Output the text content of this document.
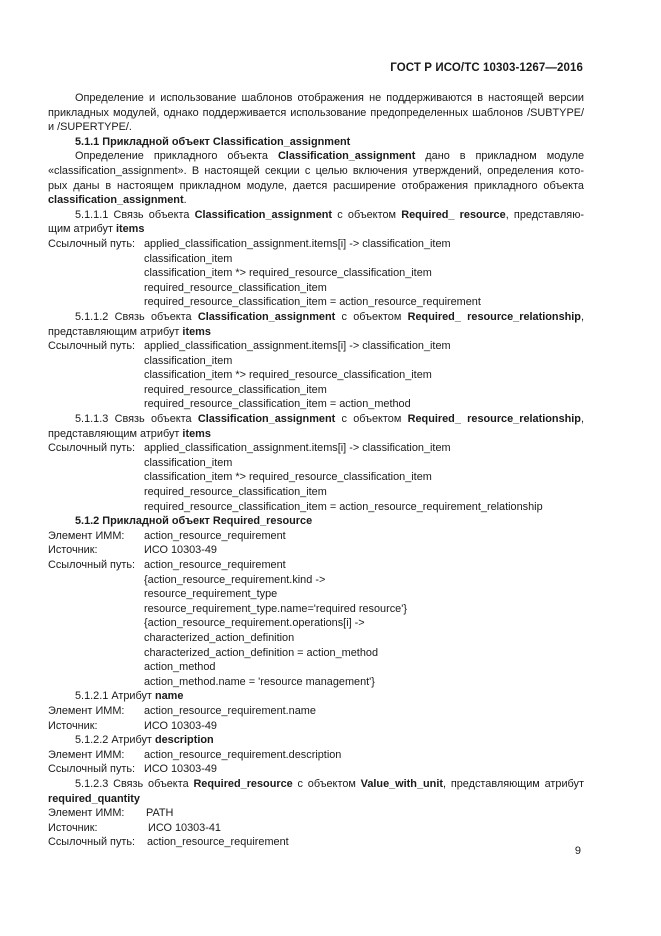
ГОСТ Р ИСО/ТС 10303-1267—2016
Определение и использование шаблонов отображения не поддерживаются в настоящей версии
прикладных модулей, однако поддерживается использование предопределенных шаблонов /SUBTYPE/
и /SUPERTYPE/.
5.1.1 Прикладной объект Classification_assignment
Определение прикладного объекта Classification_assignment дано в прикладном модуле
«classification_assignment». В настоящей секции с целью включения утверждений, определения кото-
рых даны в настоящем прикладном модуле, дается расширение отображения прикладного объекта
classification_assignment.
5.1.1.1 Связь объекта Classification_assignment с объектом Required_ resource, представляю-
щим атрибут items
Ссылочный путь: applied_classification_assignment.items[i] -> classification_item
classification_item
classification_item *> required_resource_classification_item
required_resource_classification_item
required_resource_classification_item = action_resource_requirement
5.1.1.2 Связь объекта Classification_assignment с объектом Required_ resource_relationship,
представляющим атрибут items
Ссылочный путь: applied_classification_assignment.items[i] -> classification_item
classification_item
classification_item *> required_resource_classification_item
required_resource_classification_item
required_resource_classification_item = action_method
5.1.1.3 Связь объекта Classification_assignment с объектом Required_ resource_relationship,
представляющим атрибут items
Ссылочный путь: applied_classification_assignment.items[i] -> classification_item
classification_item
classification_item *> required_resource_classification_item
required_resource_classification_item
required_resource_classification_item = action_resource_requirement_relationship
5.1.2 Прикладной объект Required_resource
Элемент ИММ: action_resource_requirement
Источник:	ИСО 10303-49
Ссылочный путь: action_resource_requirement
{action_resource_requirement.kind ->
resource_requirement_type
resource_requirement_type.name='required resource'}
{action_resource_requirement.operations[i] ->
characterized_action_definition
characterized_action_definition = action_method
action_method
action_method.name = 'resource management'}
5.1.2.1 Атрибут name
Элемент ИММ: action_resource_requirement.name
Источник:	ИСО 10303-49
5.1.2.2 Атрибут description
Элемент ИММ: action_resource_requirement.description
Ссылочный путь: ИСО 10303-49
5.1.2.3 Связь объекта Required_resource с объектом Value_with_unit, представляющим атрибут
required_quantity
Элемент ИММ: PATH
Источник:	ИСО 10303-41
Ссылочный путь: action_resource_requirement
9
